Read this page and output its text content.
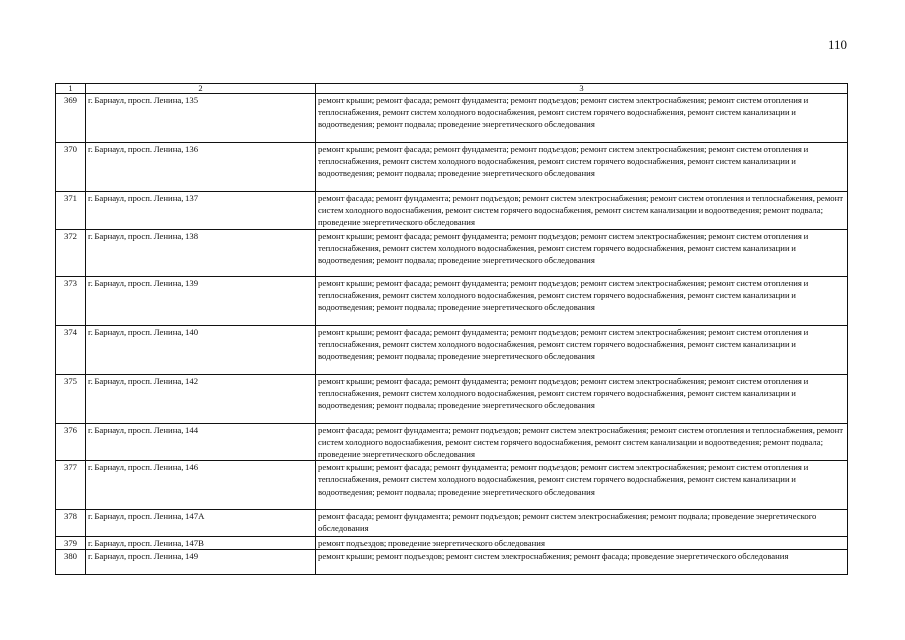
110
1	2	3
369	г. Барнаул, просп. Ленина, 135	ремонт крыши; ремонт фасада; ремонт фундамента; ремонт подъездов; ремонт систем электроснабжения; ремонт систем отопления и теплоснабжения, ремонт систем холодного водоснабжения, ремонт систем горячего водоснабжения, ремонт систем канализации и водоотведения; ремонт подвала; проведение энергетического обследования
370	г. Барнаул, просп. Ленина, 136	ремонт крыши; ремонт фасада; ремонт фундамента; ремонт подъездов; ремонт систем электроснабжения; ремонт систем отопления и теплоснабжения, ремонт систем холодного водоснабжения, ремонт систем горячего водоснабжения, ремонт систем канализации и водоотведения; ремонт подвала; проведение энергетического обследования
371	г. Барнаул, просп. Ленина, 137	ремонт фасада; ремонт фундамента; ремонт подъездов; ремонт систем электроснабжения; ремонт систем отопления и теплоснабжения, ремонт систем холодного водоснабжения, ремонт систем горячего водоснабжения, ремонт систем канализации и водоотведения; ремонт подвала; проведение энергетического обследования
372	г. Барнаул, просп. Ленина, 138	ремонт крыши; ремонт фасада; ремонт фундамента; ремонт подъездов; ремонт систем электроснабжения; ремонт систем отопления и теплоснабжения, ремонт систем холодного водоснабжения, ремонт систем горячего водоснабжения, ремонт систем канализации и водоотведения; ремонт подвала; проведение энергетического обследования
373	г. Барнаул, просп. Ленина, 139	ремонт крыши; ремонт фасада; ремонт фундамента; ремонт подъездов; ремонт систем электроснабжения; ремонт систем отопления и теплоснабжения, ремонт систем холодного водоснабжения, ремонт систем горячего водоснабжения, ремонт систем канализации и водоотведения; ремонт подвала; проведение энергетического обследования
374	г. Барнаул, просп. Ленина, 140	ремонт крыши; ремонт фасада; ремонт фундамента; ремонт подъездов; ремонт систем электроснабжения; ремонт систем отопления и теплоснабжения, ремонт систем холодного водоснабжения, ремонт систем горячего водоснабжения, ремонт систем канализации и водоотведения; ремонт подвала; проведение энергетического обследования
375	г. Барнаул, просп. Ленина, 142	ремонт крыши; ремонт фасада; ремонт фундамента; ремонт подъездов; ремонт систем электроснабжения; ремонт систем отопления и теплоснабжения, ремонт систем холодного водоснабжения, ремонт систем горячего водоснабжения, ремонт систем канализации и водоотведения; ремонт подвала; проведение энергетического обследования
376	г. Барнаул, просп. Ленина, 144	ремонт фасада; ремонт фундамента; ремонт подъездов; ремонт систем электроснабжения; ремонт систем отопления и теплоснабжения, ремонт систем холодного водоснабжения, ремонт систем горячего водоснабжения, ремонт систем канализации и водоотведения; ремонт подвала; проведение энергетического обследования
377	г. Барнаул, просп. Ленина, 146	ремонт крыши; ремонт фасада; ремонт фундамента; ремонт подъездов; ремонт систем электроснабжения; ремонт систем отопления и теплоснабжения, ремонт систем холодного водоснабжения, ремонт систем горячего водоснабжения, ремонт систем канализации и водоотведения; ремонт подвала; проведение энергетического обследования
378	г. Барнаул, просп. Ленина, 147А	ремонт фасада; ремонт фундамента; ремонт подъездов; ремонт систем электроснабжения; ремонт подвала; проведение энергетического обследования
379	г. Барнаул, просп. Ленина, 147В	ремонт подъездов; проведение энергетического обследования
380	г. Барнаул, просп. Ленина, 149	ремонт крыши; ремонт подъездов; ремонт систем электроснабжения; ремонт фасада; проведение энергетического обследования
